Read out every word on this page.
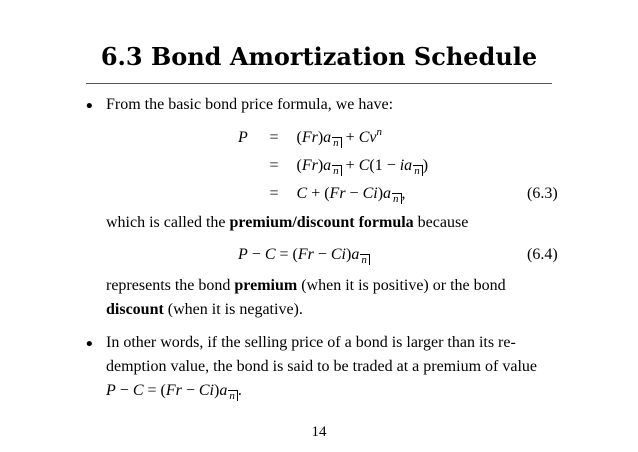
6.3 Bond Amortization Schedule
• From the basic bond price formula, we have:
P = (Fr)a $n + Cv^n$
= (Fr)a n + C(1 − ia n )
= C + (Fr − Ci)a n ,	(6.3)
which is called the premium/discount formula because
P − C = (Fr − Ci)a n	(6.4)
represents the bond premium (when it is positive) or the bond
discount (when it is negative).
• In other words, if the selling price of a bond is larger than its re-
demption value, the bond is said to be traded at a premium of value
P − C = (Fr − Ci)a n .
14
